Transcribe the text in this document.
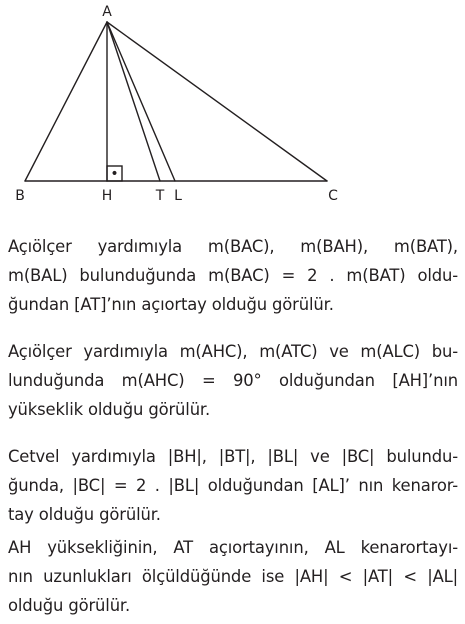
•
A
B	H	T L	C
Açıölçer yardımıyla m(BAC), m(BAH), m(BAT),
m(BAL) bulunduğunda m(BAC) = 2 . m(BAT) oldu-
ğundan [AT]’nın açıortay olduğu görülür.
Açıölçer yardımıyla m(AHC), m(ATC) ve m(ALC) bu-
lunduğunda m(AHC) = 90° olduğundan [AH]’nın
yükseklik olduğu görülür.
Cetvel yardımıyla |BH|, |BT|, |BL| ve |BC| bulundu-
ğunda, |BC| = 2 . |BL| olduğundan [AL]’ nın kenaror-
tay olduğu görülür.
AH yüksekliğinin, AT açıortayının, AL kenarortayı-
nın uzunlukları ölçüldüğünde ise |AH| < |AT| < |AL|
olduğu görülür.
